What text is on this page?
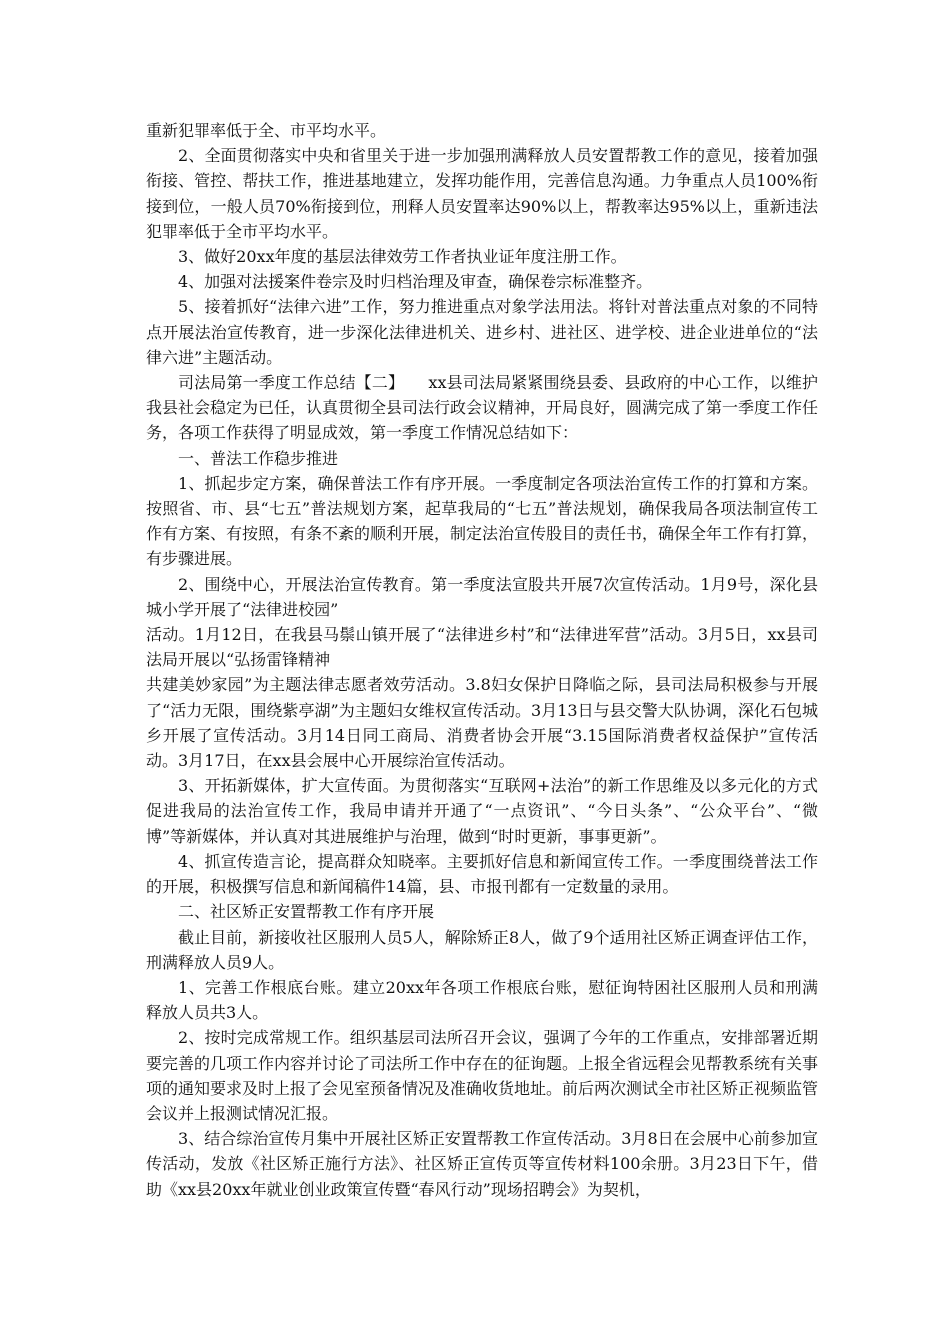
重新犯罪率低于全、市平均水平。

2、全面贯彻落实中央和省里关于进一步加强刑满释放人员安置帮教工作的意见，接着加强衔接、管控、帮扶工作，推进基地建立，发挥功能作用，完善信息沟通。力争重点人员100%衔接到位，一般人员70%衔接到位，刑释人员安置率达90%以上，帮教率达95%以上，重新违法犯罪率低于全市平均水平。

3、做好20xx年度的基层法律效劳工作者执业证年度注册工作。

4、加强对法援案件卷宗及时归档治理及审查，确保卷宗标准整齐。

5、接着抓好“法律六进”工作，努力推进重点对象学法用法。将针对普法重点对象的不同特点开展法治宣传教育，进一步深化法律进机关、进乡村、进社区、进学校、进企业进单位的“法律六进”主题活动。

司法局第一季度工作总结【二】　　xx县司法局紧紧围绕县委、县政府的中心工作，以维护我县社会稳定为已任，认真贯彻全县司法行政会议精神，开局良好，圆满完成了第一季度工作任务，各项工作获得了明显成效，第一季度工作情况总结如下：

一、普法工作稳步推进

1、抓起步定方案，确保普法工作有序开展。一季度制定各项法治宣传工作的打算和方案。按照省、市、县“七五”普法规划方案，起草我局的“七五”普法规划，确保我局各项法制宣传工作有方案、有按照，有条不紊的顺利开展，制定法治宣传股目的责任书，确保全年工作有打算，有步骤进展。

2、围绕中心，开展法治宣传教育。第一季度法宣股共开展7次宣传活动。1月9号，深化县城小学开展了“法律进校园”

活动。1月12日，在我县马鬃山镇开展了“法律进乡村”和“法律进军营”活动。3月5日，xx县司法局开展以“弘扬雷锋精神

共建美妙家园”为主题法律志愿者效劳活动。3.8妇女保护日降临之际，县司法局积极参与开展了“活力无限，围绕紫亭湖”为主题妇女维权宣传活动。3月13日与县交警大队协调，深化石包城乡开展了宣传活动。3月14日同工商局、消费者协会开展“3.15国际消费者权益保护”宣传活动。3月17日，在xx县会展中心开展综治宣传活动。

3、开拓新媒体，扩大宣传面。为贯彻落实“互联网+法治”的新工作思维及以多元化的方式促进我局的法治宣传工作，我局申请并开通了“一点资讯”、“今日头条”、“公众平台”、“微博”等新媒体，并认真对其进展维护与治理，做到“时时更新，事事更新”。

4、抓宣传造言论，提高群众知晓率。主要抓好信息和新闻宣传工作。一季度围绕普法工作的开展，积极撰写信息和新闻稿件14篇，县、市报刊都有一定数量的录用。

二、社区矫正安置帮教工作有序开展

截止目前，新接收社区服刑人员5人，解除矫正8人，做了9个适用社区矫正调查评估工作，刑满释放人员9人。

1、完善工作根底台账。建立20xx年各项工作根底台账，慰征询特困社区服刑人员和刑满释放人员共3人。

2、按时完成常规工作。组织基层司法所召开会议，强调了今年的工作重点，安排部署近期要完善的几项工作内容并讨论了司法所工作中存在的征询题。上报全省远程会见帮教系统有关事项的通知要求及时上报了会见室预备情况及准确收货地址。前后两次测试全市社区矫正视频监管会议并上报测试情况汇报。

3、结合综治宣传月集中开展社区矫正安置帮教工作宣传活动。3月8日在会展中心前参加宣传活动，发放《社区矫正施行方法》、社区矫正宣传页等宣传材料100余册。3月23日下午，借助《xx县20xx年就业创业政策宣传暨“春风行动”现场招聘会》为契机，
